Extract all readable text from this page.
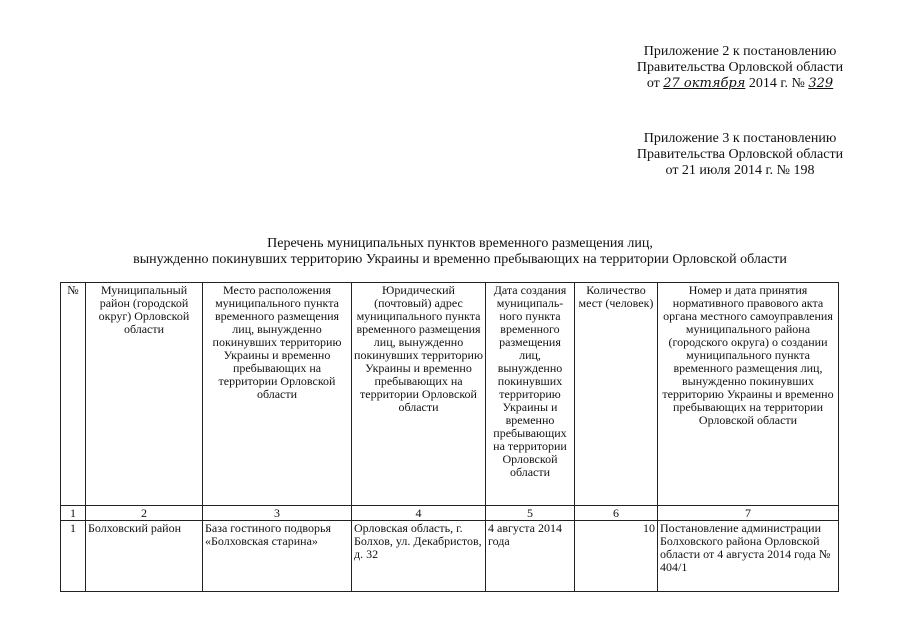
Приложение 2 к постановлению
Правительства Орловской области
от 27 октября 2014 г. № 329
Приложение 3 к постановлению
Правительства Орловской области
от 21 июля 2014 г. № 198
Перечень муниципальных пунктов временного размещения лиц,
вынужденно покинувших территорию Украины и временно пребывающих на территории Орловской области
№	Муниципальный район (городской округ) Орловской области	Место расположения муниципального пункта временного размещения лиц, вынужденно покинувших территорию Украины и временно пребывающих на территории Орловской области	Юридический (почтовый) адрес муниципального пункта временного размещения лиц, вынужденно покинувших территорию Украины и временно пребывающих на территории Орловской области	Дата создания муниципаль-ного пункта временного размещения лиц, вынужденно покинувших территорию Украины и временно пребывающих на территории Орловской области	Количество мест (человек)	Номер и дата принятия нормативного правового акта органа местного самоуправления муниципального района (городского округа) о создании муниципального пункта временного размещения лиц, вынужденно покинувших территорию Украины и временно пребывающих на территории Орловской области
1	2	3	4	5	6	7
1	Болховский район	База гостиного подворья «Болховская старина»	Орловская область, г. Болхов, ул. Декабристов, д. 32	4 августа 2014 года	10	Постановление администрации Болховского района Орловской области от 4 августа 2014 года № 404/1
